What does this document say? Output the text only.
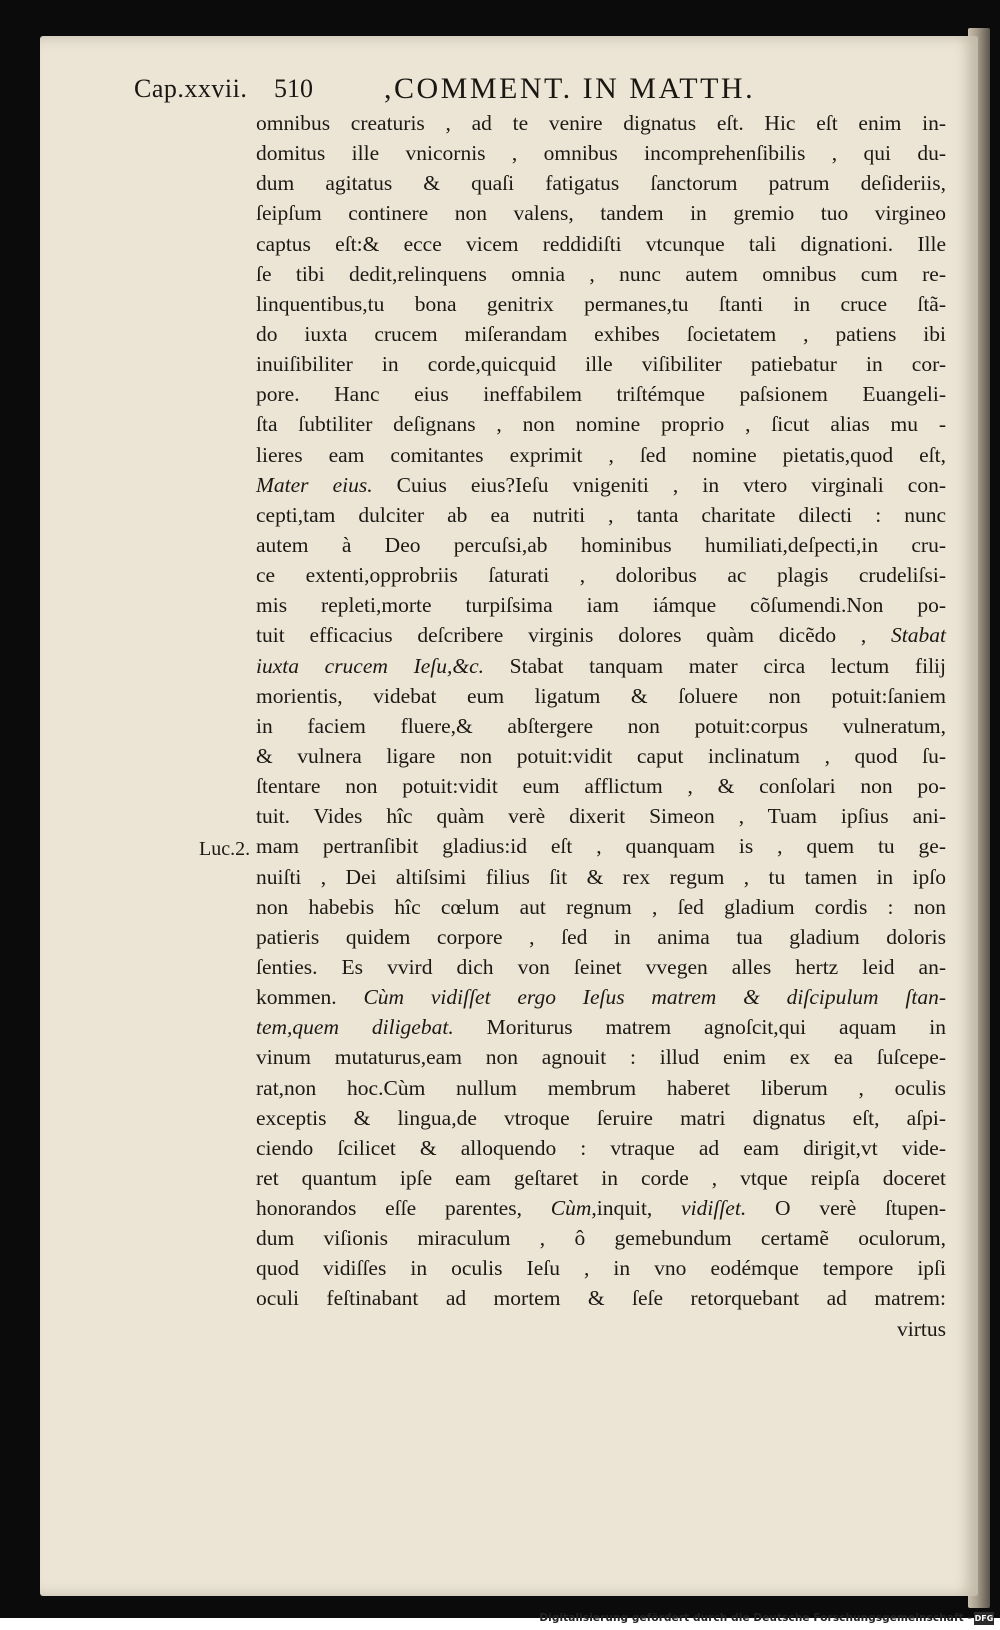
Cap.xxvii. 510 ,COMMENT. IN MATTH.
Luc.2.
omnibus creaturis , ad te venire dignatus eſt. Hic eſt enim in-
domitus ille vnicornis , omnibus incomprehenſibilis , qui du-
dum agitatus & quaſi fatigatus ſanctorum patrum deſideriis,
ſeipſum continere non valens, tandem in gremio tuo virgineo
captus eſt:& ecce vicem reddidiſti vtcunque tali dignationi. Ille
ſe tibi dedit,relinquens omnia , nunc autem omnibus cum re-
linquentibus,tu bona genitrix permanes,tu ſtanti in cruce ſtã-
do iuxta crucem miſerandam exhibes ſocietatem , patiens ibi
inuiſibiliter in corde,quicquid ille viſibiliter patiebatur in cor-
pore. Hanc eius ineffabilem triſtémque paſsionem Euangeli-
ſta ſubtiliter deſignans , non nomine proprio , ſicut alias mu -
lieres eam comitantes exprimit , ſed nomine pietatis,quod eſt,
Mater eius. Cuius eius?Ieſu vnigeniti , in vtero virginali con-
cepti,tam dulciter ab ea nutriti , tanta charitate dilecti : nunc
autem à Deo percuſsi,ab hominibus humiliati,deſpecti,in cru-
ce extenti,opprobriis ſaturati , doloribus ac plagis crudeliſsi-
mis repleti,morte turpiſsima iam iámque cõſumendi.Non po-
tuit efficacius deſcribere virginis dolores quàm dicẽdo , Stabat
iuxta crucem Ieſu,&c. Stabat tanquam mater circa lectum filij
morientis, videbat eum ligatum & ſoluere non potuit:ſaniem
in faciem fluere,& abſtergere non potuit:corpus vulneratum,
& vulnera ligare non potuit:vidit caput inclinatum , quod ſu-
ſtentare non potuit:vidit eum afflictum , & conſolari non po-
tuit. Vides hîc quàm verè dixerit Simeon , Tuam ipſius ani-
mam pertranſibit gladius:id eſt , quanquam is , quem tu ge-
nuiſti , Dei altiſsimi filius ſit & rex regum , tu tamen in ipſo
non habebis hîc cœlum aut regnum , ſed gladium cordis : non
patieris quidem corpore , ſed in anima tua gladium doloris
ſenties. Es vvird dich von ſeinet vvegen alles hertz leid an-
kommen. Cùm vidiſſet ergo Ieſus matrem & diſcipulum ſtan-
tem,quem diligebat. Moriturus matrem agnoſcit,qui aquam in
vinum mutaturus,eam non agnouit : illud enim ex ea ſuſcepe-
rat,non hoc.Cùm nullum membrum haberet liberum , oculis
exceptis & lingua,de vtroque ſeruire matri dignatus eſt, aſpi-
ciendo ſcilicet & alloquendo : vtraque ad eam dirigit,vt vide-
ret quantum ipſe eam geſtaret in corde , vtque reipſa doceret
honorandos eſſe parentes, Cùm,inquit, vidiſſet. O verè ſtupen-
dum viſionis miraculum , ô gemebundum certamẽ oculorum,
quod vidiſſes in oculis Ieſu , in vno eodémque tempore ipſi
oculi feſtinabant ad mortem & ſeſe retorquebant ad matrem:
virtus
Digitalisierung gefördert durch die Deutsche Forschungsgemeinschaft - DFG
